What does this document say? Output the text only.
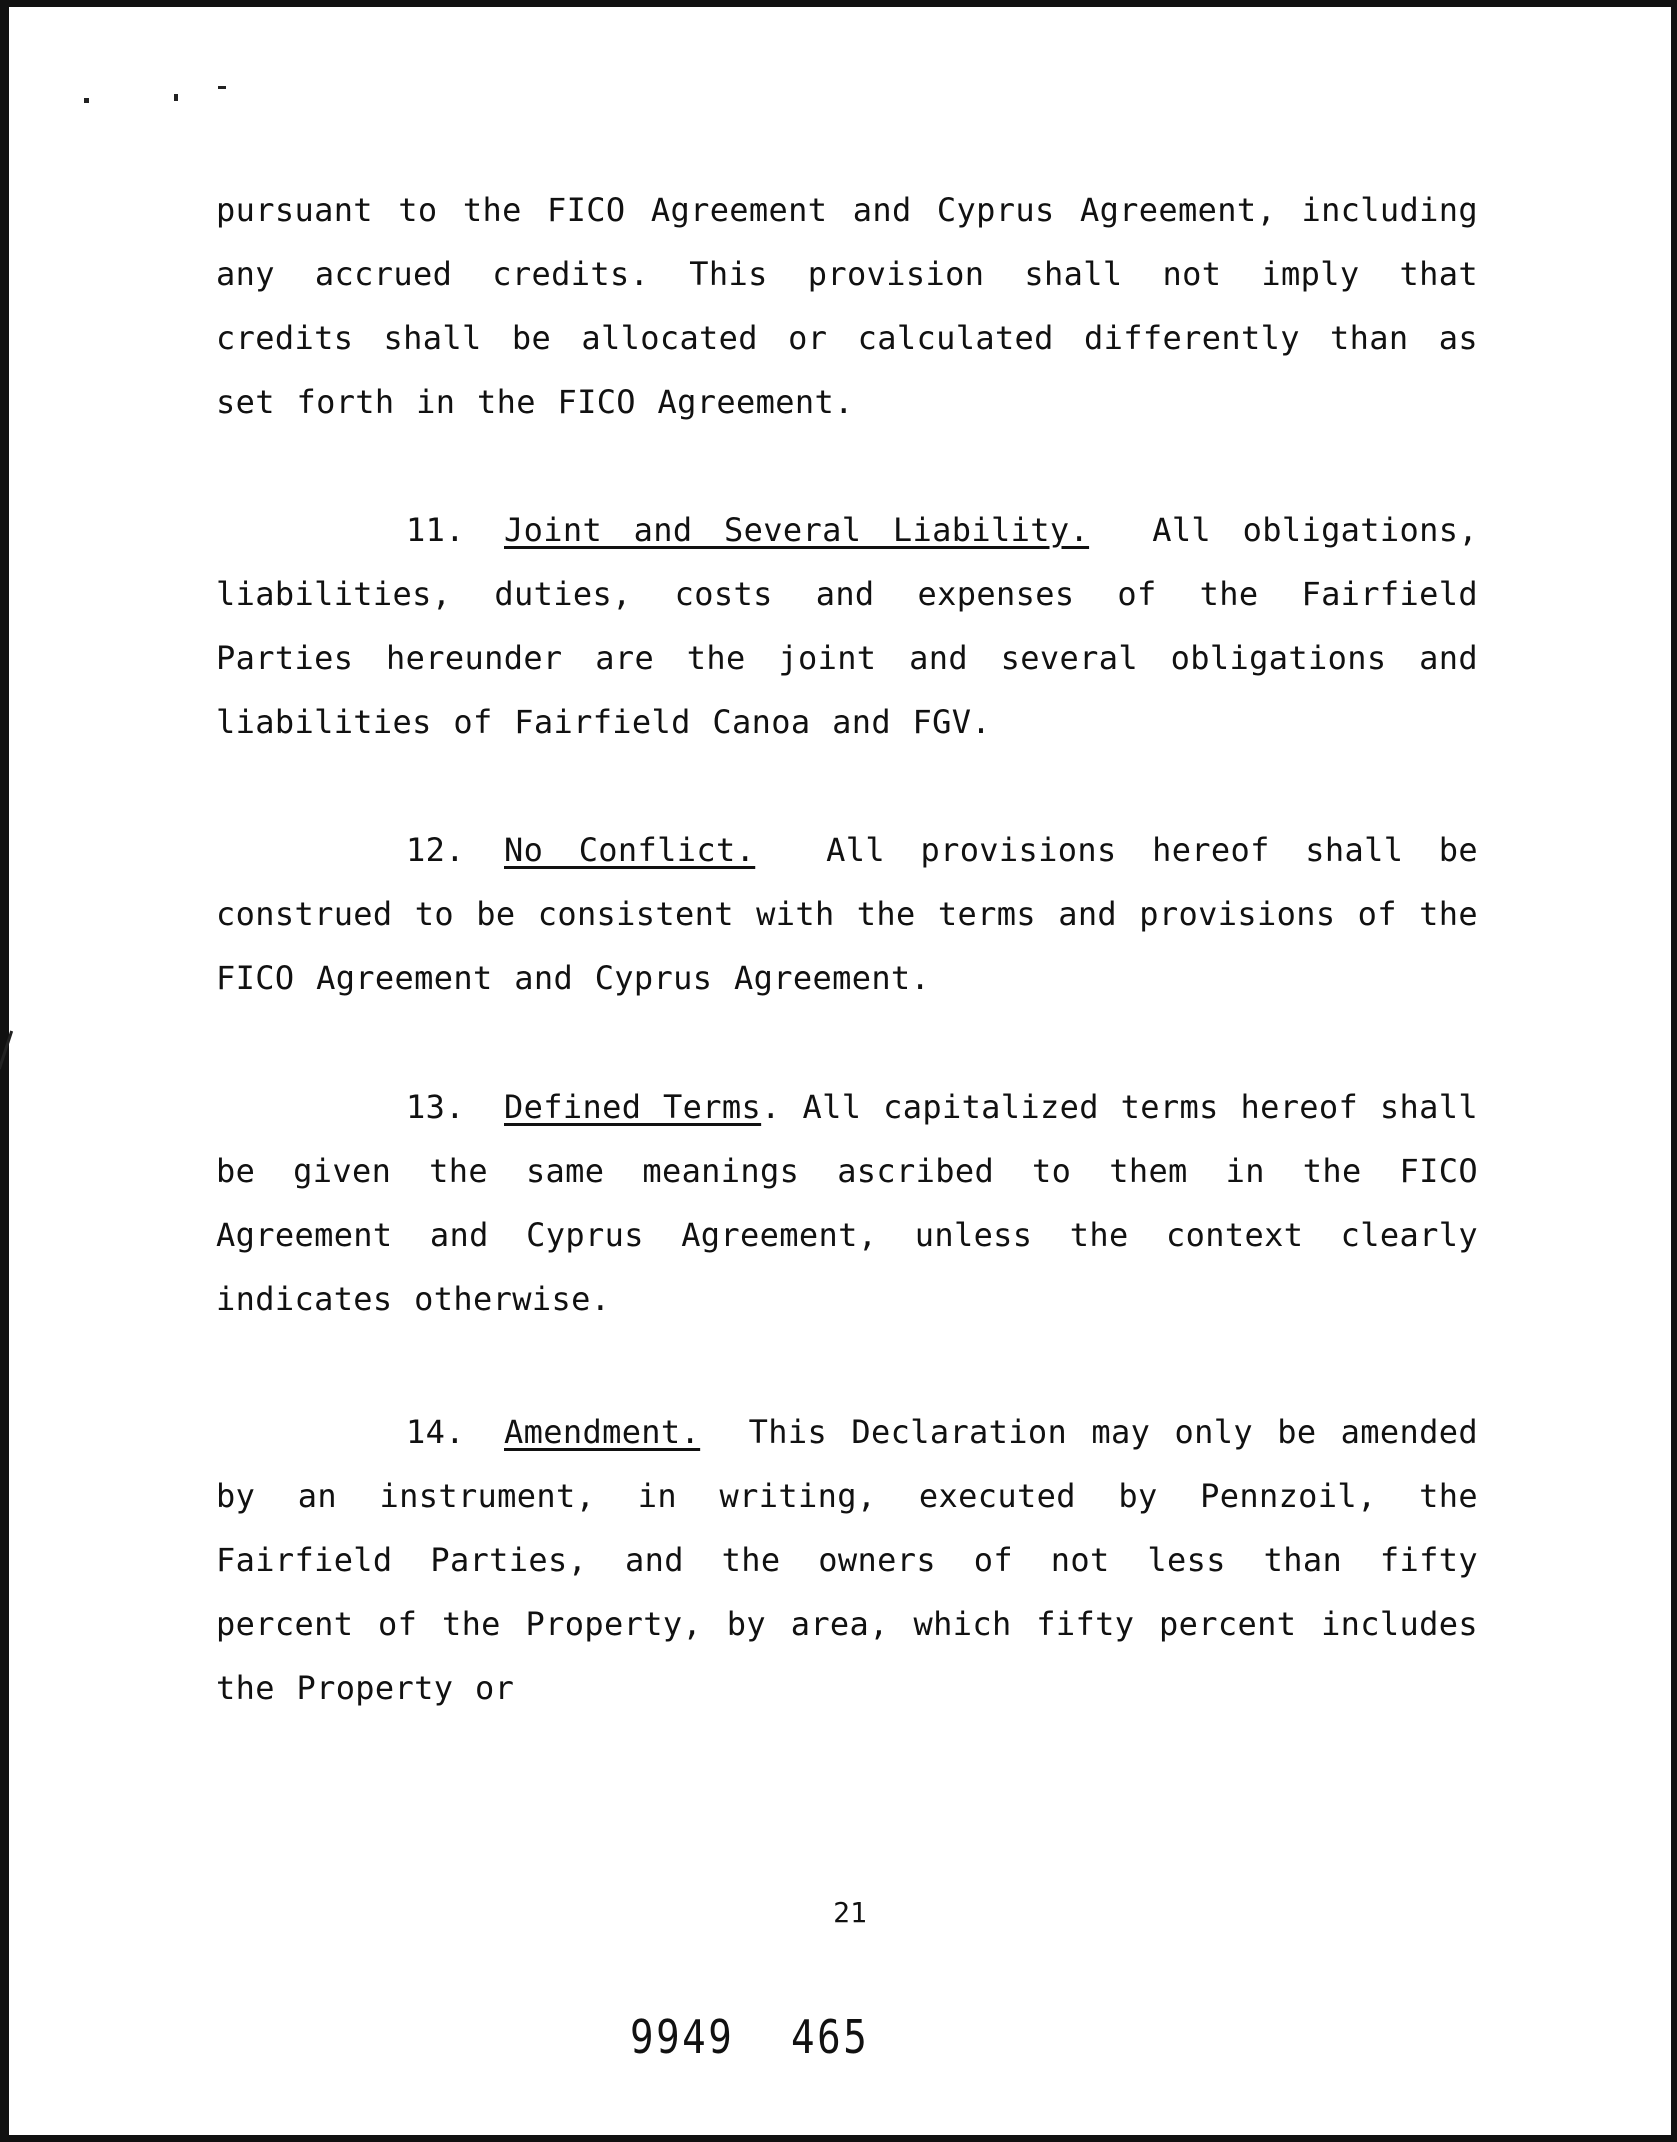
pursuant to the FICO Agreement and Cyprus Agreement, including any accrued credits. This provision shall not imply that credits shall be allocated or calculated differently than as set forth in the FICO Agreement.

11. Joint and Several Liability. All obligations, liabilities, duties, costs and expenses of the Fairfield Parties hereunder are the joint and several obligations and liabilities of Fairfield Canoa and FGV.

12. No Conflict. All provisions hereof shall be construed to be consistent with the terms and provisions of the FICO Agreement and Cyprus Agreement.

13. Defined Terms. All capitalized terms hereof shall be given the same meanings ascribed to them in the FICO Agreement and Cyprus Agreement, unless the context clearly indicates otherwise.

14. Amendment. This Declaration may only be amended by an instrument, in writing, executed by Pennzoil, the Fairfield Parties, and the owners of not less than fifty percent of the Property, by area, which fifty percent includes the Property or

21
9949 465
